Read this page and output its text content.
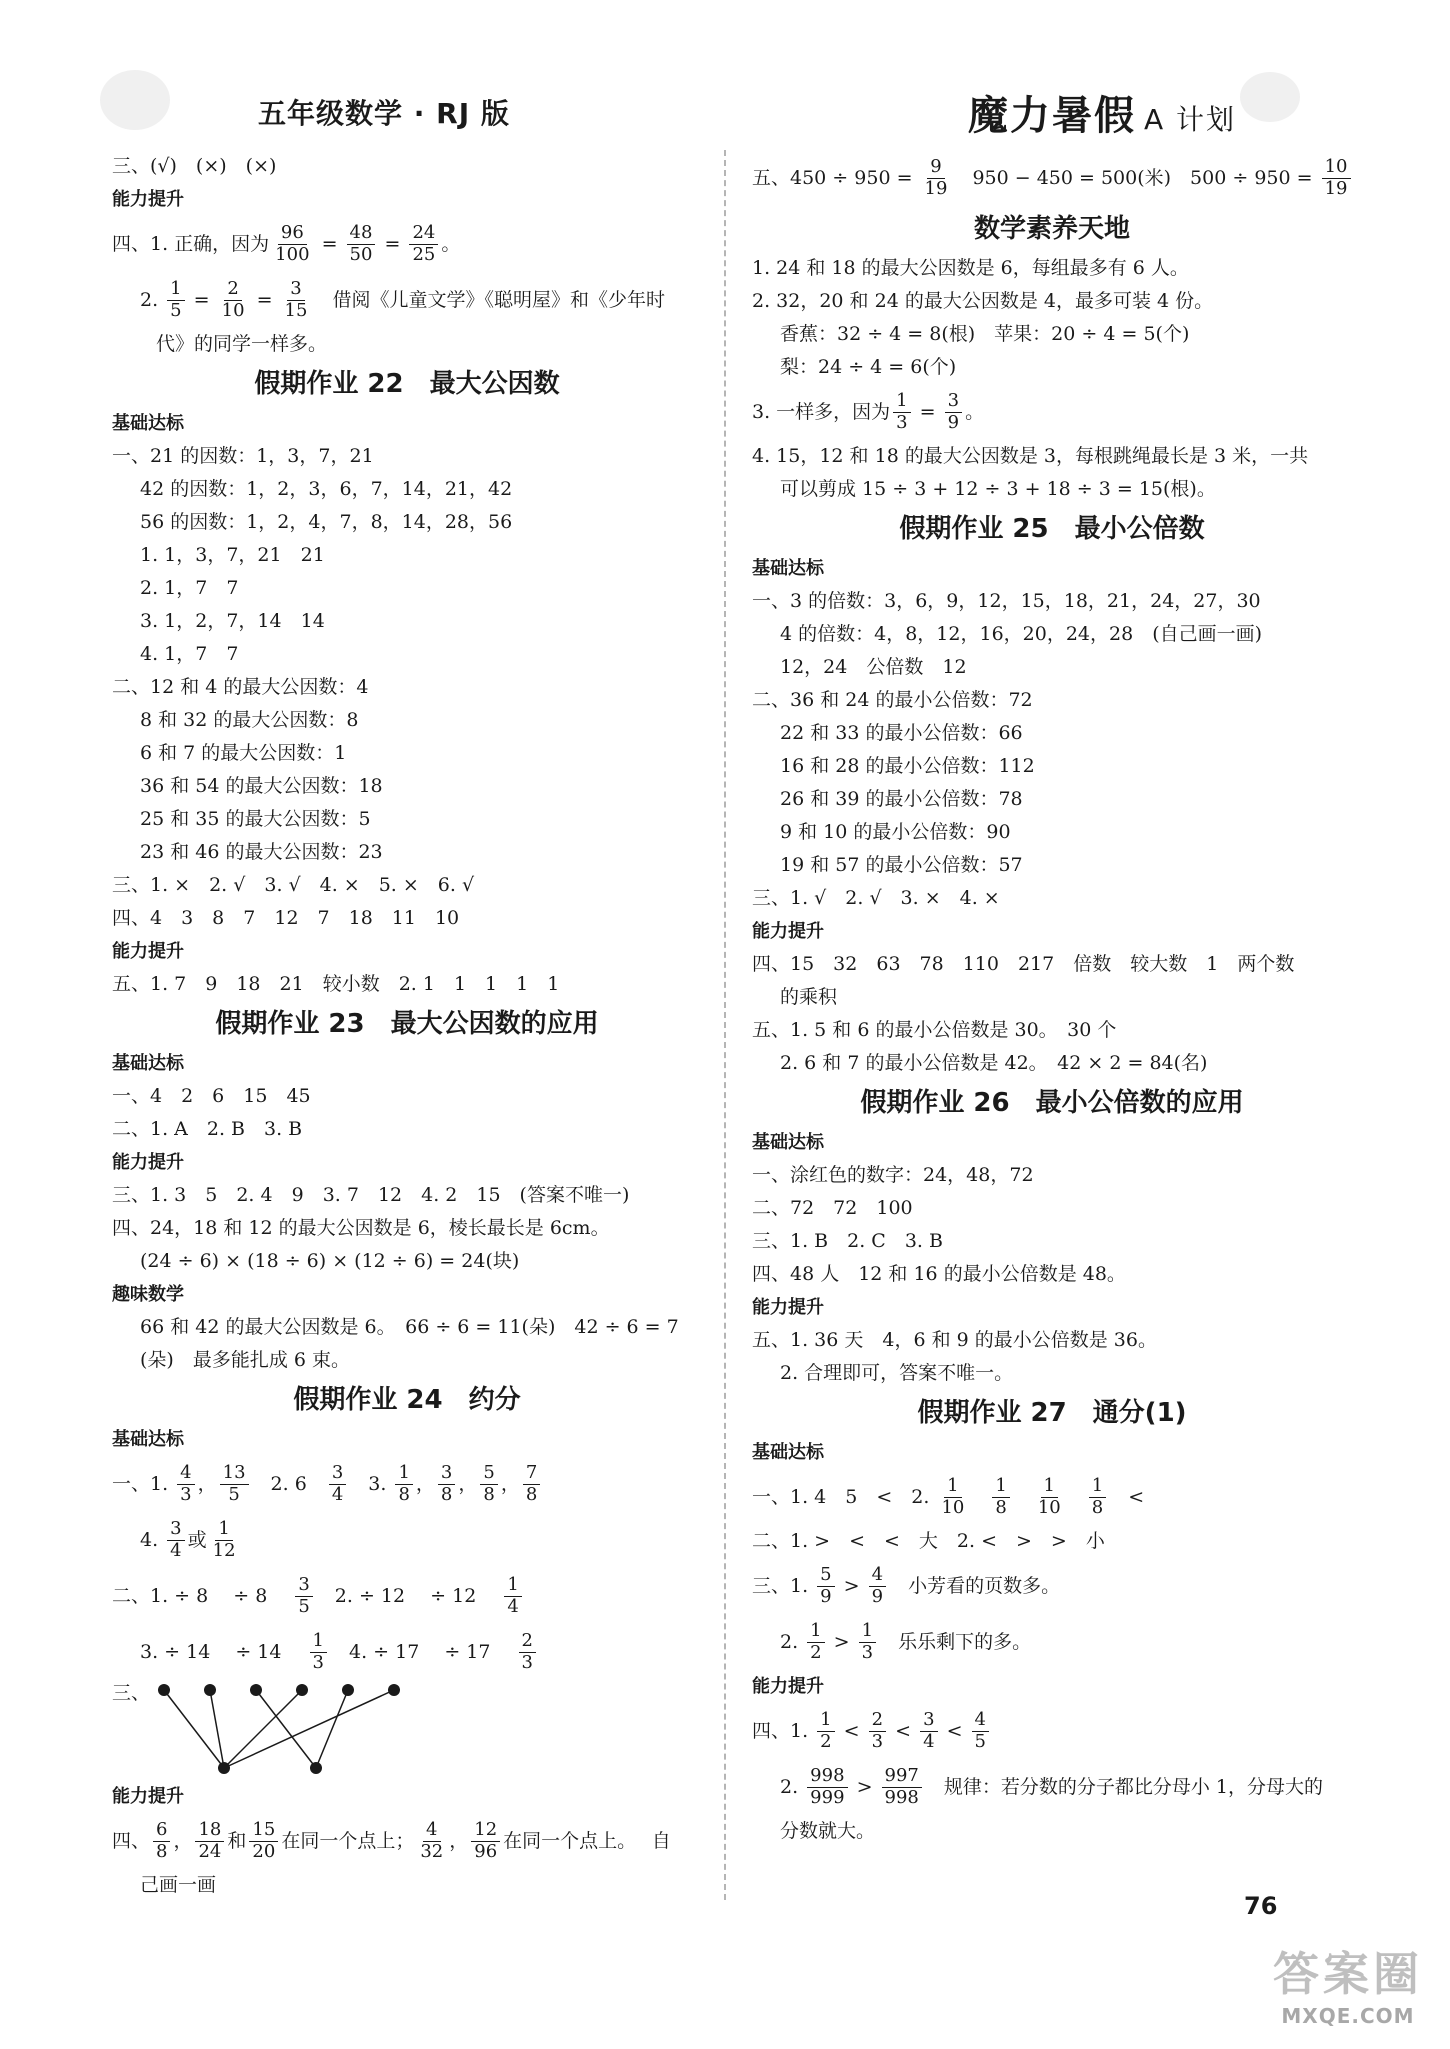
五年级数学 · RJ 版	魔力暑假 A 计划
三、(√)　(×)　(×)
能力提升
四、1. 正确，因为 $\frac{96}{100} = \frac{48}{50} = \frac{24}{25}$ 。
2. $\frac{1}{5} = \frac{2}{10} = \frac{3}{15}$ 　借阅《儿童文学》《聪明屋》和《少年时
代》的同学一样多。
假期作业 22　最大公因数
基础达标
一、21 的因数：1，3，7，21
42 的因数：1，2，3，6，7，14，21，42
56 的因数：1，2，4，7，8，14，28，56
1. 1，3，7，21　21
2. 1，7　7
3. 1，2，7，14　14
4. 1，7　7
二、12 和 4 的最大公因数：4
8 和 32 的最大公因数：8
6 和 7 的最大公因数：1
36 和 54 的最大公因数：18
25 和 35 的最大公因数：5
23 和 46 的最大公因数：23
三、1. ×　2. √　3. √　4. ×　5. ×　6. √
四、4　3　8　7　12　7　18　11　10
能力提升
五、1. 7　9　18　21　较小数　2. 1　1　1　1　1
假期作业 23　最大公因数的应用
基础达标
一、4　2　6　15　45
二、1. A　2. B　3. B
能力提升
三、1. 3　5　2. 4　9　3. 7　12　4. 2　15　(答案不唯一)
四、24，18 和 12 的最大公因数是 6，棱长最长是 6cm。
(24 ÷ 6) × (18 ÷ 6) × (12 ÷ 6) = 24(块)
趣味数学
66 和 42 的最大公因数是 6。　66 ÷ 6 = 11(朵)　42 ÷ 6 = 7
(朵)　最多能扎成 6 束。
假期作业 24　约分
基础达标
一、1. $\frac{4}{3}$ ， $\frac{13}{5}$ 　2. 6　 $\frac{3}{4}$ 　3. $\frac{1}{8}$ ， $\frac{3}{8}$ ， $\frac{5}{8}$ ， $\frac{7}{8}$
4. $\frac{3}{4}$ 或 $\frac{1}{12}$
二、1. ÷ 8　 ÷ 8　 $\frac{3}{5}$ 　2. ÷ 12　 ÷ 12　 $\frac{1}{4}$
3. ÷ 14　 ÷ 14　 $\frac{1}{3}$ 　4. ÷ 17　 ÷ 17　 $\frac{2}{3}$
三、
能力提升
四、 $\frac{6}{8}$ ， $\frac{18}{24}$ 和 $\frac{15}{20}$ 在同一个点上； $\frac{4}{32}$ ， $\frac{12}{96}$ 在同一个点上。　 自
己画一画
五、$450 \div 950 = \frac{9}{19}$ 　950 − 450 = 500(米)　$500 \div 950 = \frac{10}{19}$
数学素养天地
1. 24 和 18 的最大公因数是 6，每组最多有 6 人。
2. 32，20 和 24 的最大公因数是 4，最多可装 4 份。
香蕉：32 ÷ 4 = 8(根)　苹果：20 ÷ 4 = 5(个)
梨：24 ÷ 4 = 6(个)
3. 一样多，因为 $\frac{1}{3} = \frac{3}{9}$ 。
4. 15，12 和 18 的最大公因数是 3，每根跳绳最长是 3 米，一共
可以剪成 15 ÷ 3 + 12 ÷ 3 + 18 ÷ 3 = 15(根)。
假期作业 25　最小公倍数
基础达标
一、3 的倍数：3，6，9，12，15，18，21，24，27，30
4 的倍数：4，8，12，16，20，24，28　(自己画一画)
12，24　公倍数　12
二、36 和 24 的最小公倍数：72
22 和 33 的最小公倍数：66
16 和 28 的最小公倍数：112
26 和 39 的最小公倍数：78
9 和 10 的最小公倍数：90
19 和 57 的最小公倍数：57
三、1. √　2. √　3. ×　4. ×
能力提升
四、15　32　63　78　110　217　倍数　较大数　1　两个数
的乘积
五、1. 5 和 6 的最小公倍数是 30。　30 个
2. 6 和 7 的最小公倍数是 42。　42 × 2 = 84(名)
假期作业 26　最小公倍数的应用
基础达标
一、涂红色的数字：24，48，72
二、72　72　100
三、1. B　2. C　3. B
四、48 人　12 和 16 的最小公倍数是 48。
能力提升
五、1. 36 天　4，6 和 9 的最小公倍数是 36。
2. 合理即可，答案不唯一。
假期作业 27　通分(1)
基础达标
一、1. 4　5　<　2. $\frac{1}{10}$
　 $\frac{1}{8}$
　 $\frac{1}{10}$
　 $\frac{1}{8}$ 　<
二、1. >　<　<　大　2. <　>　>　小
三、1. $\frac{5}{9} > \frac{4}{9}$ 　小芳看的页数多。
2. $\frac{1}{2} > \frac{1}{3}$ 　乐乐剩下的多。
能力提升
四、1. $\frac{1}{2} < \frac{2}{3} < \frac{3}{4} < \frac{4}{5}$
2. $\frac{998}{999} > \frac{997}{998}$ 　规律：若分数的分子都比分母小 1，分母大的
分数就大。
76
答案圈
MXQE.COM
